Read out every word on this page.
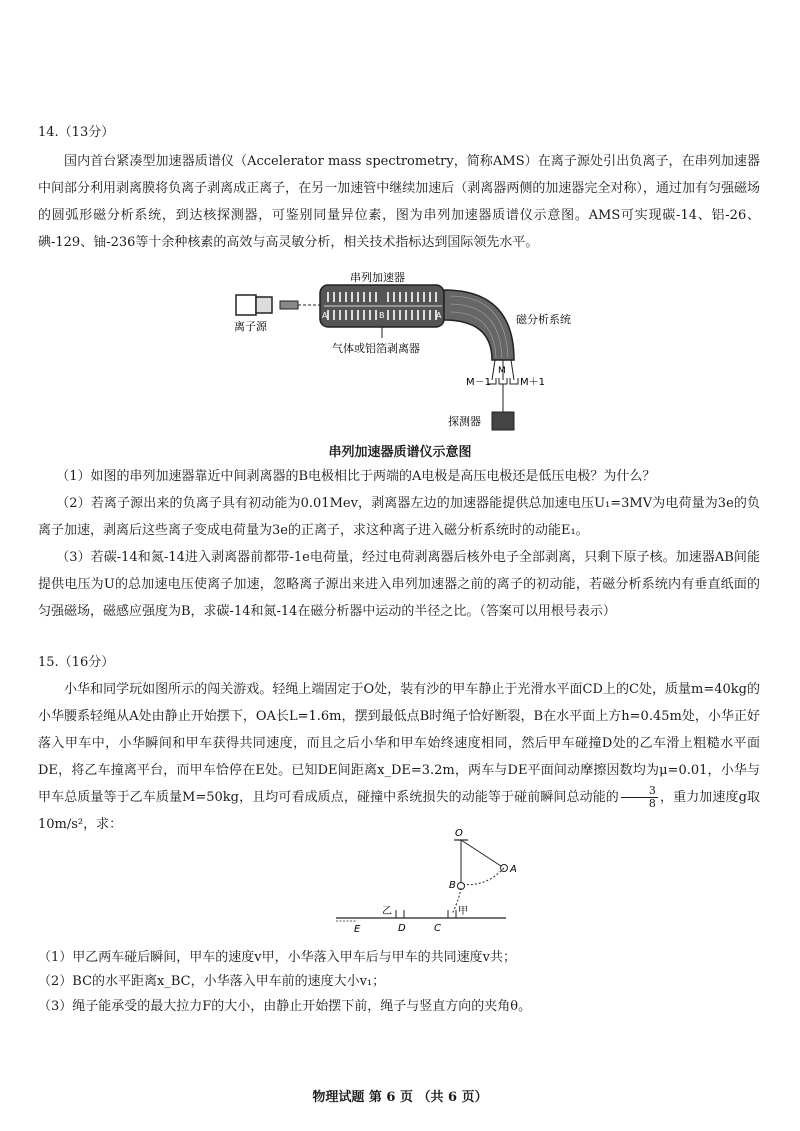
14.（13分）

国内首台紧凑型加速器质谱仪（Accelerator mass spectrometry，简称AMS）在离子源处引出负离子，在串列加速器中间部分利用剥离膜将负离子剥离成正离子，在另一加速管中继续加速后（剥离器两侧的加速器完全对称），通过加有匀强磁场的圆弧形磁分析系统，到达核探测器，可鉴别同量异位素，图为串列加速器质谱仪示意图。AMS可实现碳-14、铝-26、碘-129、铀-236等十余种核素的高效与高灵敏分析，相关技术指标达到国际领先水平。

离子源
串列加速器
A	B	A
气体或铝箔剥离器
磁分析系统
M－1
M
M＋1
探测器
串列加速器质谱仪示意图

（1）如图的串列加速器靠近中间剥离器的B电极相比于两端的A电极是高压电极还是低压电极？为什么？

（2）若离子源出来的负离子具有初动能为0.01Mev，剥离器左边的加速器能提供总加速电压U₁=3MV为电荷量为3e的负离子加速，剥离后这些离子变成电荷量为3e的正离子，求这种离子进入磁分析系统时的动能E₁。

（3）若碳-14和氮-14进入剥离器前都带-1e电荷量，经过电荷剥离器后核外电子全部剥离，只剩下原子核。加速器AB间能提供电压为U的总加速电压使离子加速，忽略离子源出来进入串列加速器之前的离子的初动能，若磁分析系统内有垂直纸面的匀强磁场，磁感应强度为B，求碳-14和氮-14在磁分析器中运动的半径之比。（答案可以用根号表示）

15.（16分）

小华和同学玩如图所示的闯关游戏。轻绳上端固定于O处，装有沙的甲车静止于光滑水平面CD上的C处，质量m=40kg的小华腰系轻绳从A处由静止开始摆下，OA长L=1.6m，摆到最低点B时绳子恰好断裂，B在水平面上方h=0.45m处，小华正好落入甲车中，小华瞬间和甲车获得共同速度，而且之后小华和甲车始终速度相同，然后甲车碰撞D处的乙车滑上粗糙水平面DE，将乙车撞离平台，而甲车恰停在E处。已知DE间距离x_DE=3.2m，两车与DE平面间动摩擦因数均为μ=0.01，小华与甲车总质量等于乙车质量M=50kg，且均可看成质点，碰撞中系统损失的动能等于碰前瞬间总动能的 $\frac{3}{8}$ ，重力加速度g取10m/s²，求：

O
A
B
E
乙
D
甲
C
（1）甲乙两车碰后瞬间，甲车的速度v甲，小华落入甲车后与甲车的共同速度v共；
（2）BC的水平距离x_BC，小华落入甲车前的速度大小v₁；
（3）绳子能承受的最大拉力F的大小，由静止开始摆下前，绳子与竖直方向的夹角θ。
物理试题 第 6 页 （共 6 页）
